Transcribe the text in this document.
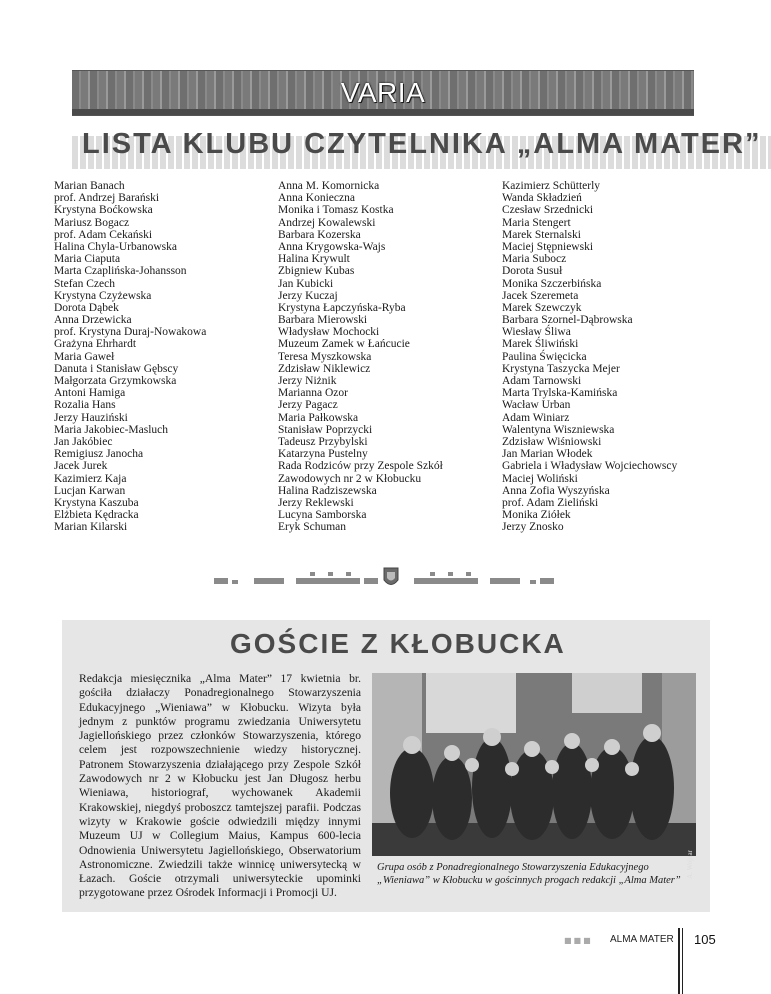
VARIA
LISTA KLUBU CZYTELNIKA „ALMA MATER”
Marian Banach
prof. Andrzej Barański
Krystyna Boćkowska
Mariusz Bogacz
prof. Adam Cekański
Halina Chyla-Urbanowska
Maria Ciaputa
Marta Czaplińska-Johansson
Stefan Czech
Krystyna Czyżewska
Dorota Dąbek
Anna Drzewicka
prof. Krystyna Duraj-Nowakowa
Grażyna Ehrhardt
Maria Gaweł
Danuta i Stanisław Gębscy
Małgorzata Grzymkowska
Antoni Hamiga
Rozalia Hans
Jerzy Hauziński
Maria Jakobiec-Masluch
Jan Jakóbiec
Remigiusz Janocha
Jacek Jurek
Kazimierz Kaja
Lucjan Karwan
Krystyna Kaszuba
Elżbieta Kędracka
Marian Kilarski
Anna M. Komornicka
Anna Konieczna
Monika i Tomasz Kostka
Andrzej Kowalewski
Barbara Kozerska
Anna Krygowska-Wajs
Halina Krywult
Zbigniew Kubas
Jan Kubicki
Jerzy Kuczaj
Krystyna Łapczyńska-Ryba
Barbara Mierowski
Władysław Mochocki
Muzeum Zamek w Łańcucie
Teresa Myszkowska
Zdzisław Niklewicz
Jerzy Niżnik
Marianna Ozor
Jerzy Pagacz
Maria Pałkowska
Stanisław Poprzycki
Tadeusz Przybylski
Katarzyna Pustelny
Rada Rodziców przy Zespole Szkół
Zawodowych nr 2 w Kłobucku
Halina Radziszewska
Jerzy Reklewski
Lucyna Samborska
Eryk Schuman
Kazimierz Schütterly
Wanda Składzień
Czesław Srzednicki
Maria Stengert
Marek Sternalski
Maciej Stępniewski
Maria Subocz
Dorota Susuł
Monika Szczerbińska
Jacek Szeremeta
Marek Szewczyk
Barbara Szornel-Dąbrowska
Wiesław Śliwa
Marek Śliwiński
Paulina Święcicka
Krystyna Taszycka Mejer
Adam Tarnowski
Marta Trylska-Kamińska
Wacław Urban
Adam Winiarz
Walentyna Wiszniewska
Zdzisław Wiśniowski
Jan Marian Włodek
Gabriela i Władysław Wojciechowscy
Maciej Woliński
Anna Zofia Wyszyńska
prof. Adam Zieliński
Monika Ziółek
Jerzy Znosko
GOŚCIE Z KŁOBUCKA

Redakcja miesięcznika „Alma Mater” 17 kwietnia br. gościła działaczy Ponadregionalnego Stowarzyszenia Edukacyjnego „Wieniawa” w Kłobucku. Wizyta była jednym z punktów programu zwiedzania Uniwersytetu Jagiellońskiego przez członków Stowarzyszenia, którego celem jest rozpowszechnienie wiedzy historycznej. Patronem Stowarzyszenia działającego przy Zespole Szkół Zawodowych nr 2 w Kłobucku jest Jan Długosz herbu Wieniawa, historiograf, wychowanek Akademii Krakowskiej, niegdyś proboszcz tamtejszej parafii. Podczas wizyty w Krakowie goście odwiedzili między innymi Muzeum UJ w Collegium Maius, Kampus 600-lecia Odnowienia Uniwersytetu Jagiellońskiego, Obserwatorium Astronomiczne. Zwiedzili także winnicę uniwersytecką w Łazach. Goście otrzymali uniwersyteckie upominki przygotowane przez Ośrodek Informacji i Promocji UJ.

A. Wojnar
Grupa osób z Ponadregionalnego Stowarzyszenia Edukacyjnego
„Wieniawa” w Kłobucku w gościnnych progach redakcji „Alma Mater”
■■■ ALMA MATER 105
